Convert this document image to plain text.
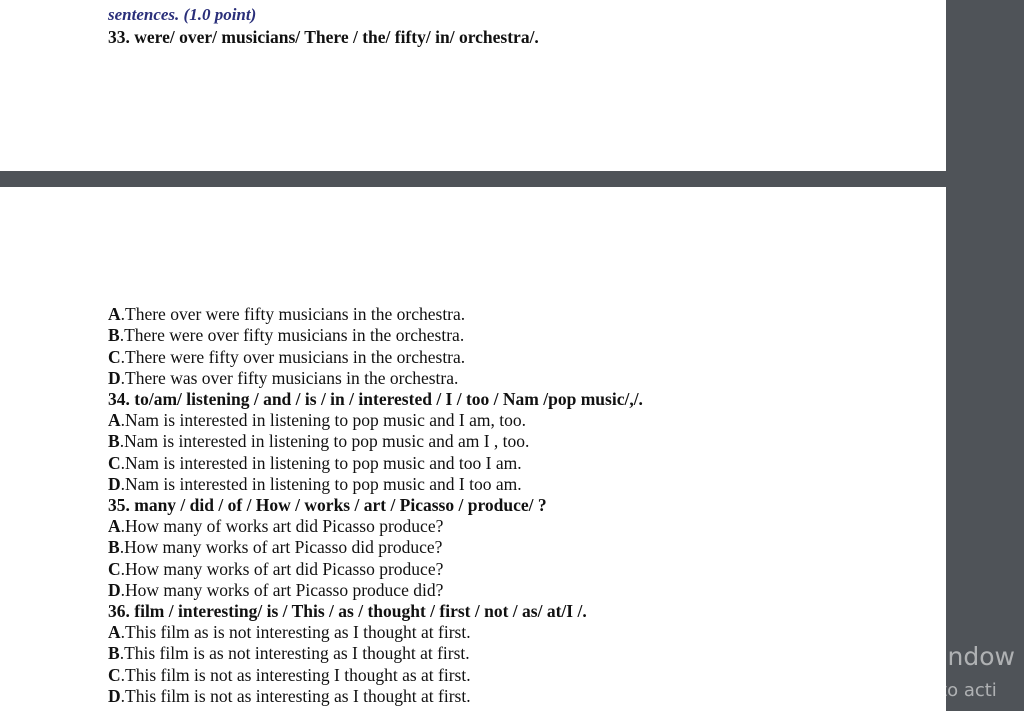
sentences. (1.0 point)
33. were/ over/ musicians/ There / the/ fifty/ in/ orchestra/.
A.There over were fifty musicians in the orchestra.
B.There were over fifty musicians in the orchestra.
C.There were fifty over musicians in the orchestra.
D.There was over fifty musicians in the orchestra.
34. to/am/ listening / and / is / in / interested / I / too / Nam /pop music/,/.
A.Nam is interested in listening to pop music and I am, too.
B.Nam is interested in listening to pop music and am I , too.
C.Nam is interested in listening to pop music and too I am.
D.Nam is interested in listening to pop music and I too am.
35. many / did / of / How / works / art / Picasso / produce/ ?
A.How many of works art did Picasso produce?
B.How many works of art Picasso did produce?
C.How many works of art did Picasso produce?
D.How many works of art Picasso produce did?
36. film / interesting/ is / This / as / thought / first / not / as/ at/I /.
A.This film as is not interesting as I thought at first.
B.This film is as not interesting as I thought at first.
C.This film is not as interesting I thought as at first.
D.This film is not as interesting as I thought at first.
Activate Window
Go to Settings to acti
